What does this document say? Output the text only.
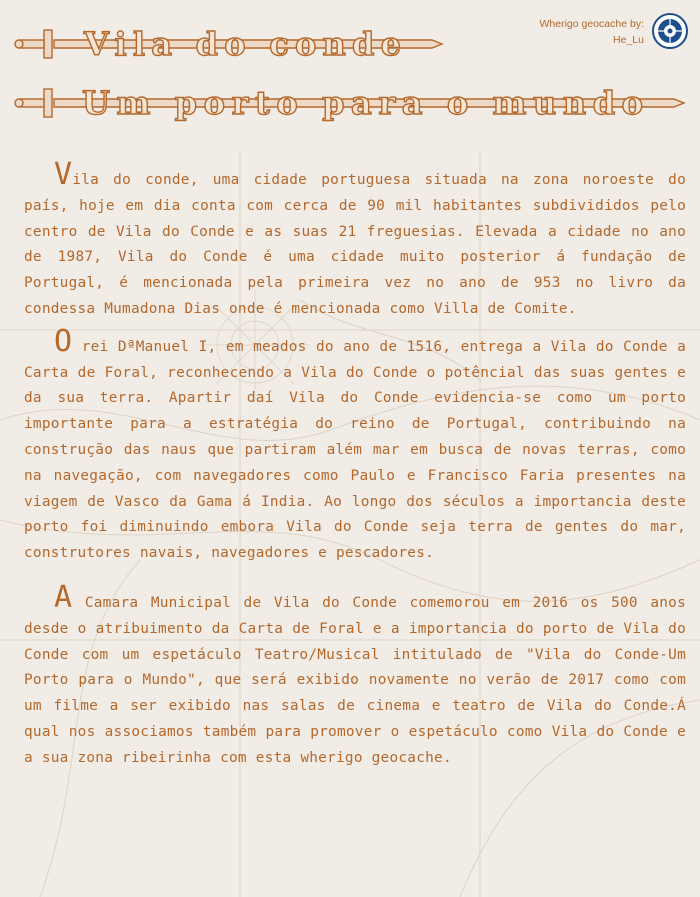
Vila do conde
Um porto para o mundo
Wherigo geocache by:
He_Lu

Vila do conde, uma cidade portuguesa situada na zona noroeste do país, hoje em dia conta com cerca de 90 mil habitantes subdivididos pelo centro de Vila do Conde e as suas 21 freguesias. Elevada a cidade no ano de 1987, Vila do Conde é uma cidade muito posterior á fundação de Portugal, é mencionada pela primeira vez no ano de 953 no livro da condessa Mumadona Dias onde é mencionada como Villa de Comite.

O rei DªManuel I, em meados do ano de 1516, entrega a Vila do Conde a Carta de Foral, reconhecendo a Vila do Conde o potêncial das suas gentes e da sua terra. Apartir daí Vila do Conde evidencia-se como um porto importante para a estratégia do reino de Portugal, contribuindo na construção das naus que partiram além mar em busca de novas terras, como na navegação, com navegadores como Paulo e Francisco Faria presentes na viagem de Vasco da Gama á India. Ao longo dos séculos a importancia deste porto foi diminuindo embora Vila do Conde seja terra de gentes do mar, construtores navais, navegadores e pescadores.

A Camara Municipal de Vila do Conde comemorou em 2016 os 500 anos desde o atribuimento da Carta de Foral e a importancia do porto de Vila do Conde com um espetáculo Teatro/Musical intitulado de "Vila do Conde-Um Porto para o Mundo", que será exibido novamente no verão de 2017 como com um filme a ser exibido nas salas de cinema e teatro de Vila do Conde.Á qual nos associamos também para promover o espetáculo como Vila do Conde e a sua zona ribeirinha com esta wherigo geocache.
